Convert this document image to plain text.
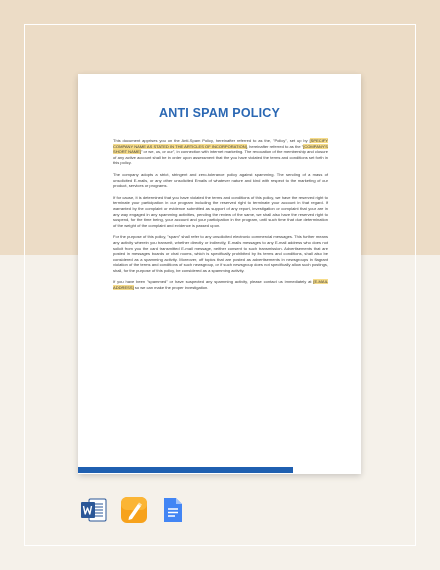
ANTI SPAM POLICY

This document apprises you on the Anti-Spam Policy, hereinafter referred to as the, "Policy", set up by [SPECIFY COMPANY NAME AS STATED IN THE ARTICLES OF INCORPORATION], hereinafter referred to as the "[COMPANY'S SHORT NAME]" or we, us, or our", in connection with internet marketing. The revocation of the membership and closure of any active account shall be in order upon assessment that the you have violated the terms and conditions set forth in this policy.

The company adopts a strict, stringent and zero-tolerance policy against spamming. The sending of a mass of unsolicited E-mails, or any other unsolicited Emails of whatever nature and kind with respect to the marketing of our product, services or programs.

If for cause, it is determined that you have violated the terms and conditions of this policy, we have the reserved right to terminate your participation in our program including the reserved right to terminate your account in that regard. If warranted by the complaint or evidence submitted as support of any report, investigation or complaint that your are in any way engaged in any spamming activities, pending the review of the same, we shall also have the reserved right to suspend, for the time being, your account and your participation in the program, until such time that due determination of the weight of the complaint and evidence is passed upon.

For the purpose of this policy, "spam" shall refer to any unsolicited electronic commercial messages. This further means any activity wherein you transmit, whether directly or indirectly, E-mails messages to any E-mail address who does not solicit from you the card transmitted E-mail message, neither consent to such transmission. Advertisements that are posted in messages boards or chat rooms, which is specifically prohibited by its terms and conditions, shall also be considered as a spamming activity. Moreover, off topics that are posted as advertisements in newsgroups in flagrant violation of the terms and conditions of such newsgroup, or if such newsgroup does not specifically allow such postings, shall, for the purpose of this policy, be considered as a spamming activity.

If you have been "spammed" or have suspected any spamming activity, please contact us immediately at [E-MAIL ADDRESS] so we can make the proper investigation.
